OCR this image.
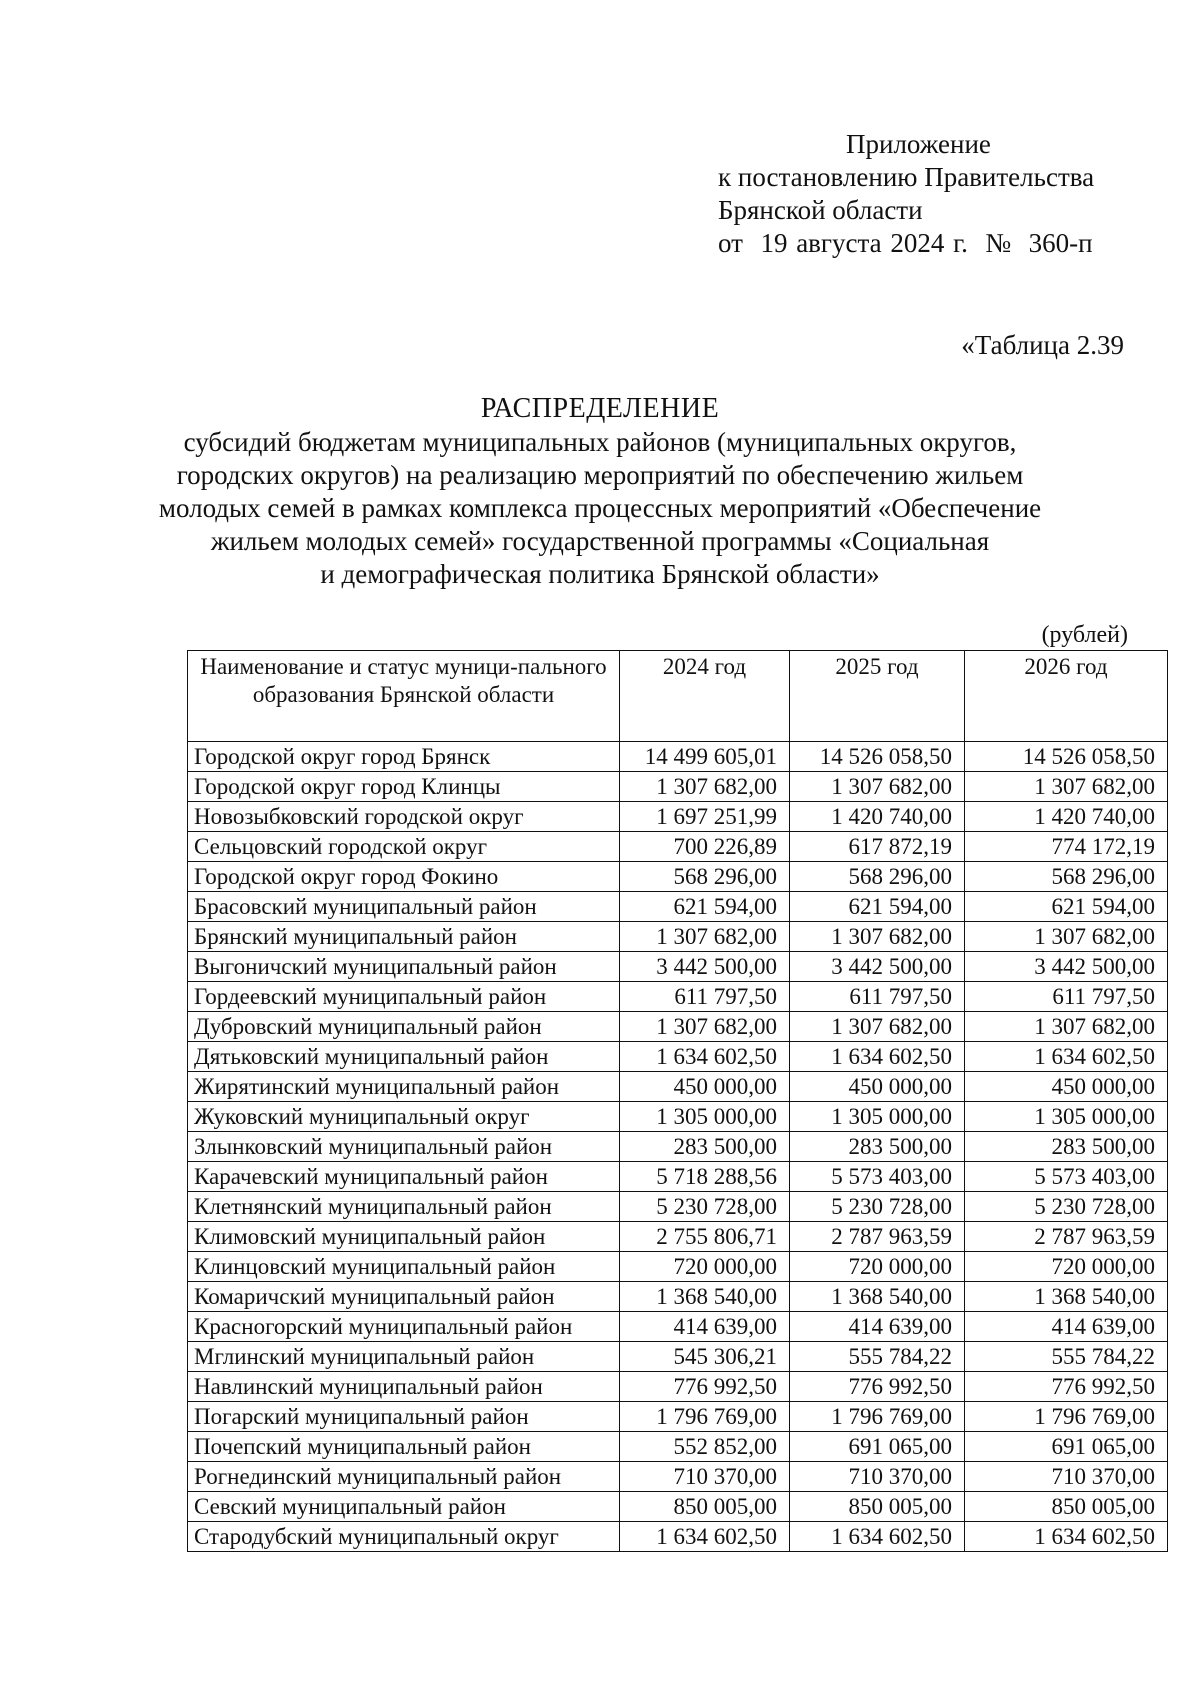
Приложение
к постановлению Правительства
Брянской области
от  19 августа 2024 г.  №  360-п
«Таблица 2.39
РАСПРЕДЕЛЕНИЕ
субсидий бюджетам муниципальных районов (муниципальных округов,
городских округов) на реализацию мероприятий по обеспечению жильем
молодых семей в рамках комплекса процессных мероприятий «Обеспечение
жильем молодых семей» государственной программы «Социальная
и демографическая политика Брянской области»
(рублей)
Наименование и статус муници-пального образования Брянской области	2024 год	2025 год	2026 год
Городской округ город Брянск	14 499 605,01	14 526 058,50	14 526 058,50
Городской округ город Клинцы	1 307 682,00	1 307 682,00	1 307 682,00
Новозыбковский городской округ	1 697 251,99	1 420 740,00	1 420 740,00
Сельцовский городской округ	700 226,89	617 872,19	774 172,19
Городской округ город Фокино	568 296,00	568 296,00	568 296,00
Брасовский муниципальный район	621 594,00	621 594,00	621 594,00
Брянский муниципальный район	1 307 682,00	1 307 682,00	1 307 682,00
Выгоничский муниципальный район	3 442 500,00	3 442 500,00	3 442 500,00
Гордеевский муниципальный район	611 797,50	611 797,50	611 797,50
Дубровский муниципальный район	1 307 682,00	1 307 682,00	1 307 682,00
Дятьковский муниципальный район	1 634 602,50	1 634 602,50	1 634 602,50
Жирятинский муниципальный район	450 000,00	450 000,00	450 000,00
Жуковский муниципальный округ	1 305 000,00	1 305 000,00	1 305 000,00
Злынковский муниципальный район	283 500,00	283 500,00	283 500,00
Карачевский муниципальный район	5 718 288,56	5 573 403,00	5 573 403,00
Клетнянский муниципальный район	5 230 728,00	5 230 728,00	5 230 728,00
Климовский муниципальный район	2 755 806,71	2 787 963,59	2 787 963,59
Клинцовский муниципальный район	720 000,00	720 000,00	720 000,00
Комаричский муниципальный район	1 368 540,00	1 368 540,00	1 368 540,00
Красногорский муниципальный район	414 639,00	414 639,00	414 639,00
Мглинский муниципальный район	545 306,21	555 784,22	555 784,22
Навлинский муниципальный район	776 992,50	776 992,50	776 992,50
Погарский муниципальный район	1 796 769,00	1 796 769,00	1 796 769,00
Почепский муниципальный район	552 852,00	691 065,00	691 065,00
Рогнединский муниципальный район	710 370,00	710 370,00	710 370,00
Севский муниципальный район	850 005,00	850 005,00	850 005,00
Стародубский муниципальный округ	1 634 602,50	1 634 602,50	1 634 602,50
